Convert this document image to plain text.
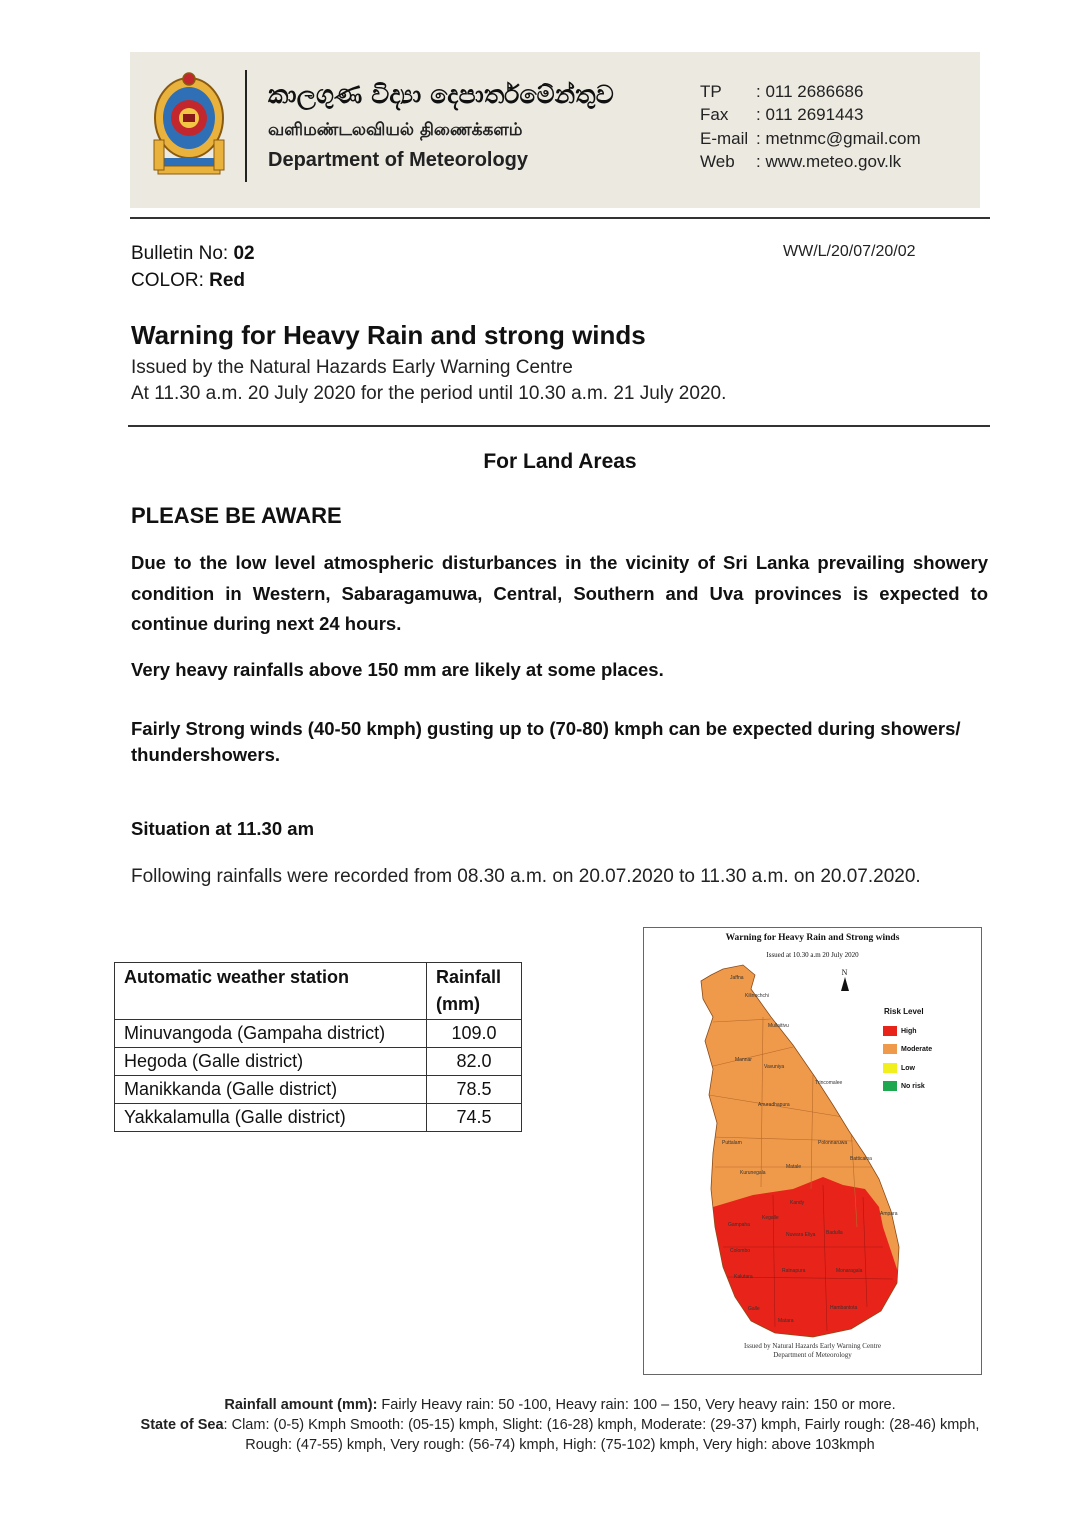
කාලගුණ විද්‍යා දෙපාර්තමේන්තුව
வளிமண்டலவியல் திணைக்களம்
Department of Meteorology
TP	: 011 2686686
Fax	: 011 2691443
E-mail : metnmc@gmail.com
Web	: www.meteo.gov.lk
Bulletin No: 02
COLOR: Red
WW/L/20/07/20/02
Warning for Heavy Rain and strong winds
Issued by the Natural Hazards Early Warning Centre
At 11.30 a.m. 20 July 2020 for the period until 10.30 a.m. 21 July 2020.
For Land Areas
PLEASE BE AWARE
Due to the low level atmospheric disturbances in the vicinity of Sri Lanka prevailing showery condition in Western, Sabaragamuwa, Central, Southern and Uva provinces is expected to continue during next 24 hours.
Very heavy rainfalls above 150 mm are likely at some places.
Fairly Strong winds (40-50 kmph) gusting up to (70-80) kmph can be expected during showers/ thundershowers.
Situation at 11.30 am
Following rainfalls were recorded from 08.30 a.m. on 20.07.2020 to 11.30 a.m. on 20.07.2020.
Automatic weather station	Rainfall (mm)
Minuvangoda (Gampaha district)	109.0
Hegoda (Galle district)	82.0
Manikkanda (Galle district)	78.5
Yakkalamulla (Galle district)	74.5
Warning for Heavy Rain and Strong winds
Issued at 10.30 a.m 20 July 2020
N
Risk Level
High
Moderate
Low
No risk
Jaffna
Kilinochchi
Mullaitivu
Mannar
Vavuniya
Trincomalee
Anuradhapura
Polonnaruwa
Puttalam
Kurunegala
Matale
Batticaloa
Ampara
Kandy
Gampaha
Colombo
Kalutara
Kegalle
Nuwara Eliya Badulla
Ratnapura	Monaragala
Galle
Matara
Hambantota
Issued by Natural Hazards Early Warning Centre
Department of Meteorology
Rainfall amount (mm): Fairly Heavy rain: 50 -100, Heavy rain: 100 – 150, Very heavy rain: 150 or more.
State of Sea: Clam: (0-5) Kmph Smooth: (05-15) kmph, Slight: (16-28) kmph, Moderate: (29-37) kmph, Fairly rough: (28-46) kmph, Rough: (47-55) kmph, Very rough: (56-74) kmph, High: (75-102) kmph, Very high: above 103kmph
